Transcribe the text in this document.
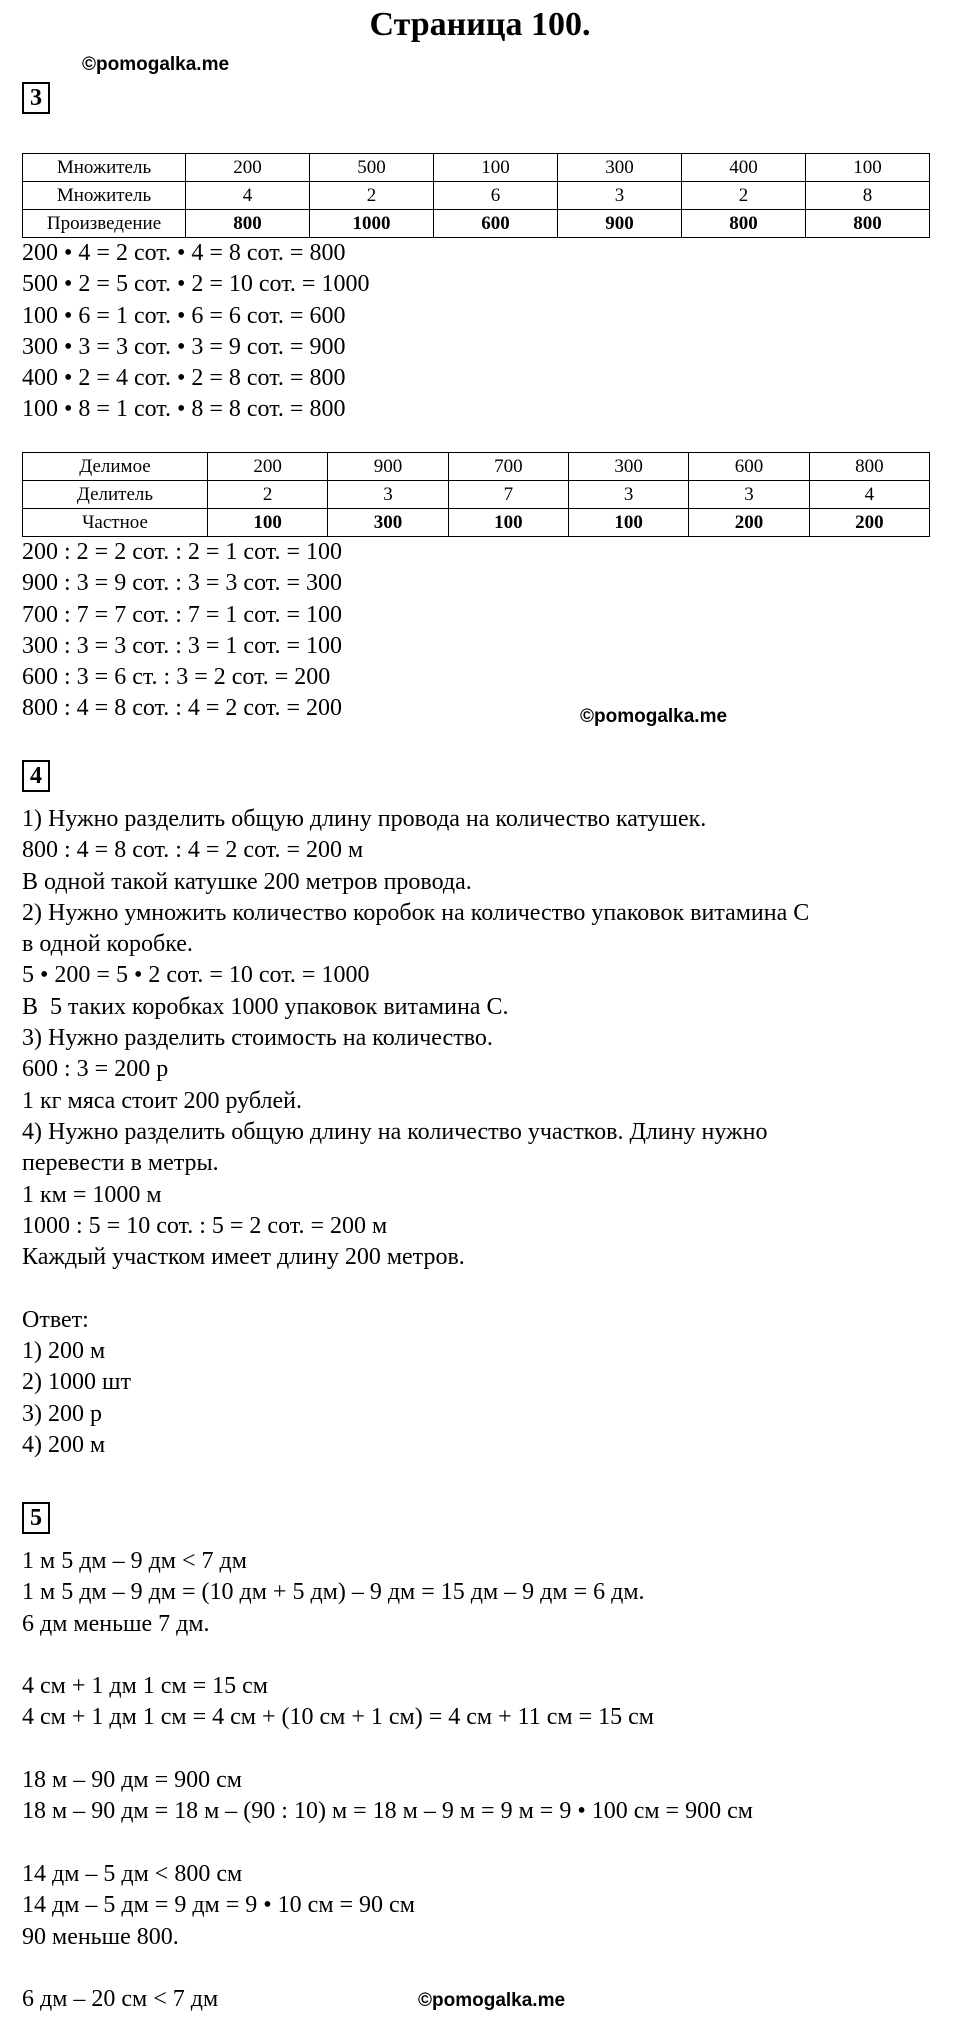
Страница 100.
©pomogalka.me
3
Множитель	200	500	100	300	400	100
Множитель	4	2	6	3	2	8
Произведение	800	1000	600	900	800	800
200 • 4 = 2 сот. • 4 = 8 сот. = 800
500 • 2 = 5 сот. • 2 = 10 сот. = 1000
100 • 6 = 1 сот. • 6 = 6 сот. = 600
300 • 3 = 3 сот. • 3 = 9 сот. = 900
400 • 2 = 4 сот. • 2 = 8 сот. = 800
100 • 8 = 1 сот. • 8 = 8 сот. = 800
Делимое	200	900	700	300	600	800
Делитель	2	3	7	3	3	4
Частное	100	300	100	100	200	200
200 : 2 = 2 сот. : 2 = 1 сот. = 100
900 : 3 = 9 сот. : 3 = 3 сот. = 300
700 : 7 = 7 сот. : 7 = 1 сот. = 100
300 : 3 = 3 сот. : 3 = 1 сот. = 100
600 : 3 = 6 ст. : 3 = 2 сот. = 200
800 : 4 = 8 сот. : 4 = 2 сот. = 200	©pomogalka.me
4
1) Нужно разделить общую длину провода на количество катушек.
800 : 4 = 8 сот. : 4 = 2 сот. = 200 м
В одной такой катушке 200 метров провода.
2) Нужно умножить количество коробок на количество упаковок витамина С
в одной коробке.
5 • 200 = 5 • 2 сот. = 10 сот. = 1000
В  5 таких коробках 1000 упаковок витамина С.
3) Нужно разделить стоимость на количество.
600 : 3 = 200 р
1 кг мяса стоит 200 рублей.
4) Нужно разделить общую длину на количество участков. Длину нужно
перевести в метры.
1 км = 1000 м
1000 : 5 = 10 сот. : 5 = 2 сот. = 200 м
Каждый участком имеет длину 200 метров.
Ответ:
1) 200 м
2) 1000 шт
3) 200 р
4) 200 м
5
1 м 5 дм – 9 дм < 7 дм
1 м 5 дм – 9 дм = (10 дм + 5 дм) – 9 дм = 15 дм – 9 дм = 6 дм.
6 дм меньше 7 дм.
4 см + 1 дм 1 см = 15 см
4 см + 1 дм 1 см = 4 см + (10 см + 1 см) = 4 см + 11 см = 15 см
18 м – 90 дм = 900 см
18 м – 90 дм = 18 м – (90 : 10) м = 18 м – 9 м = 9 м = 9 • 100 см = 900 см
14 дм – 5 дм < 800 см
14 дм – 5 дм = 9 дм = 9 • 10 см = 90 см
90 меньше 800.
6 дм – 20 см < 7 дм	©pomogalka.me
